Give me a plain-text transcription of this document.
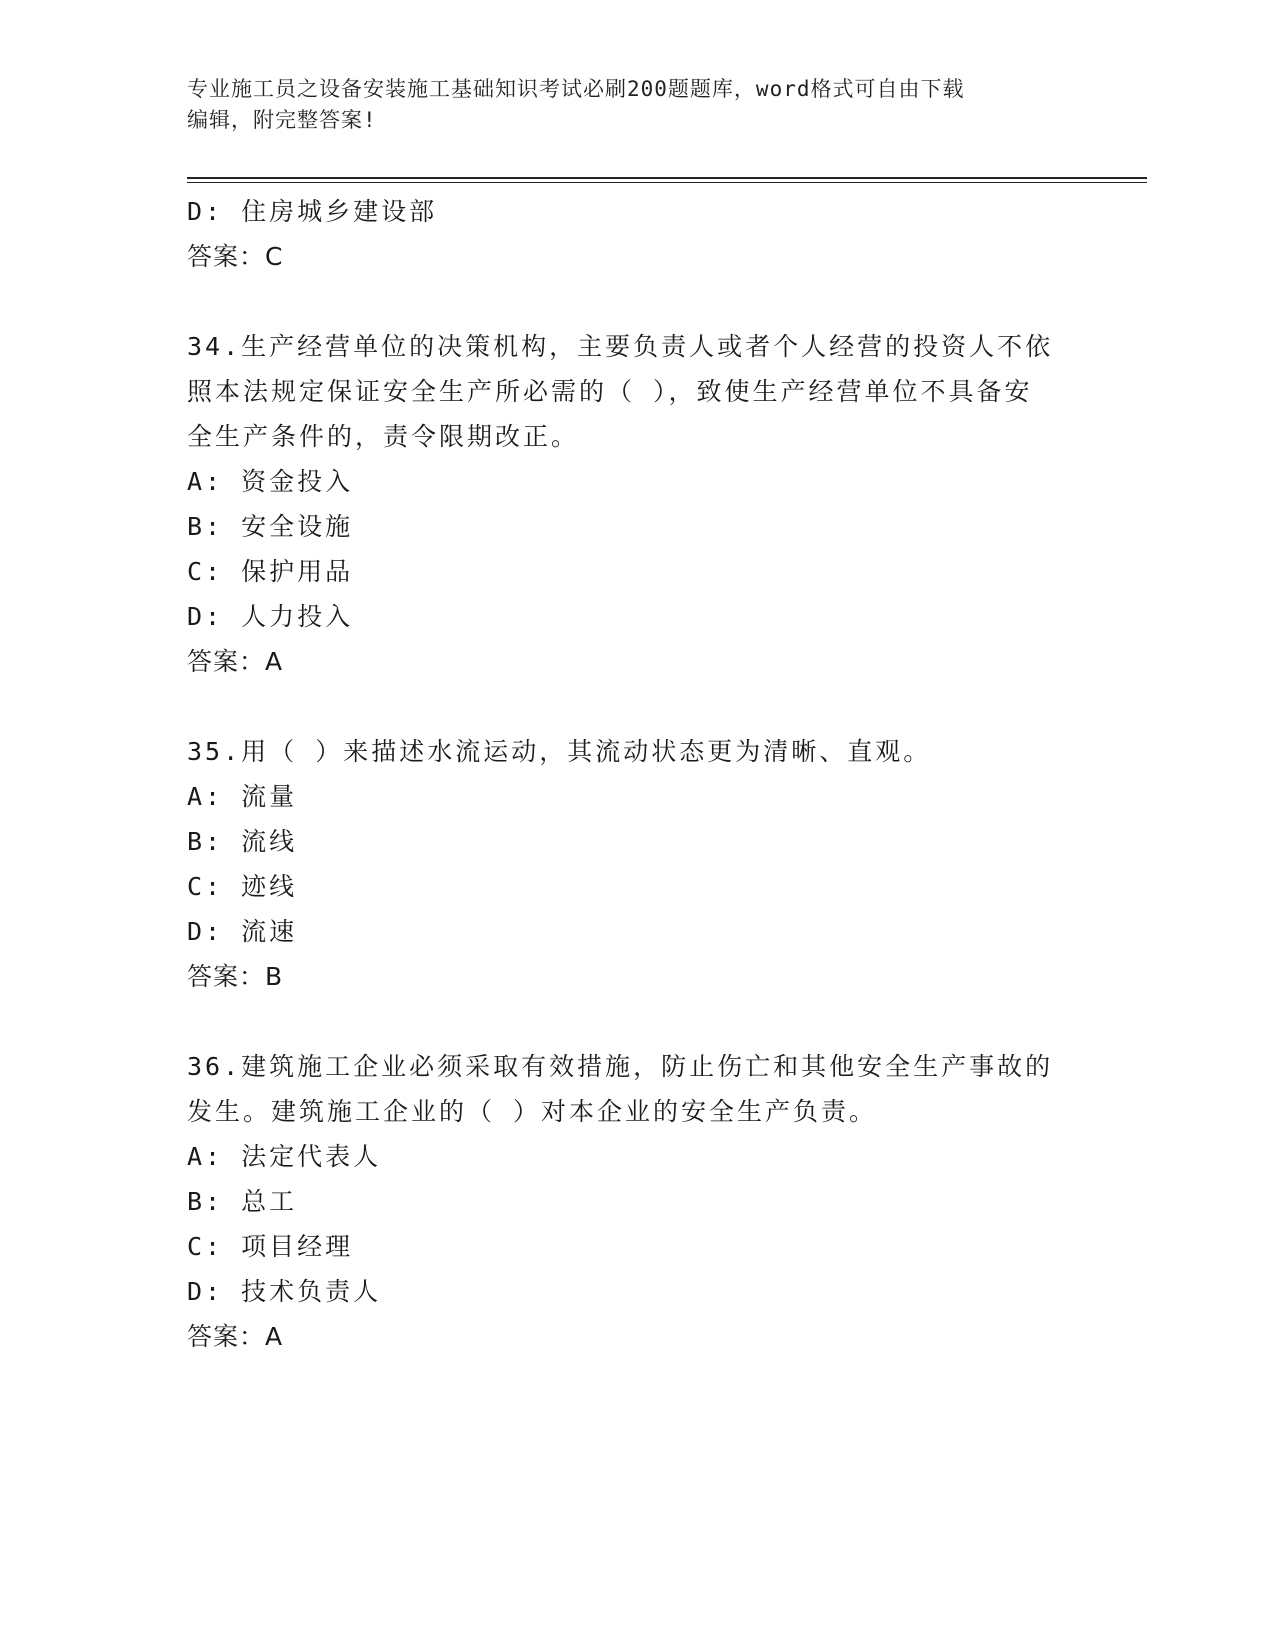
专业施工员之设备安装施工基础知识考试必刷200题题库，word格式可自由下载
编辑，附完整答案!
D: 住房城乡建设部
答案：C
34.生产经营单位的决策机构，主要负责人或者个人经营的投资人不依
照本法规定保证安全生产所必需的（ ），致使生产经营单位不具备安
全生产条件的，责令限期改正。
A: 资金投入
B: 安全设施
C: 保护用品
D: 人力投入
答案：A
35.用（ ）来描述水流运动，其流动状态更为清晰、直观。
A: 流量
B: 流线
C: 迹线
D: 流速
答案：B
36.建筑施工企业必须采取有效措施，防止伤亡和其他安全生产事故的
发生。建筑施工企业的（ ）对本企业的安全生产负责。
A: 法定代表人
B: 总工
C: 项目经理
D: 技术负责人
答案：A
